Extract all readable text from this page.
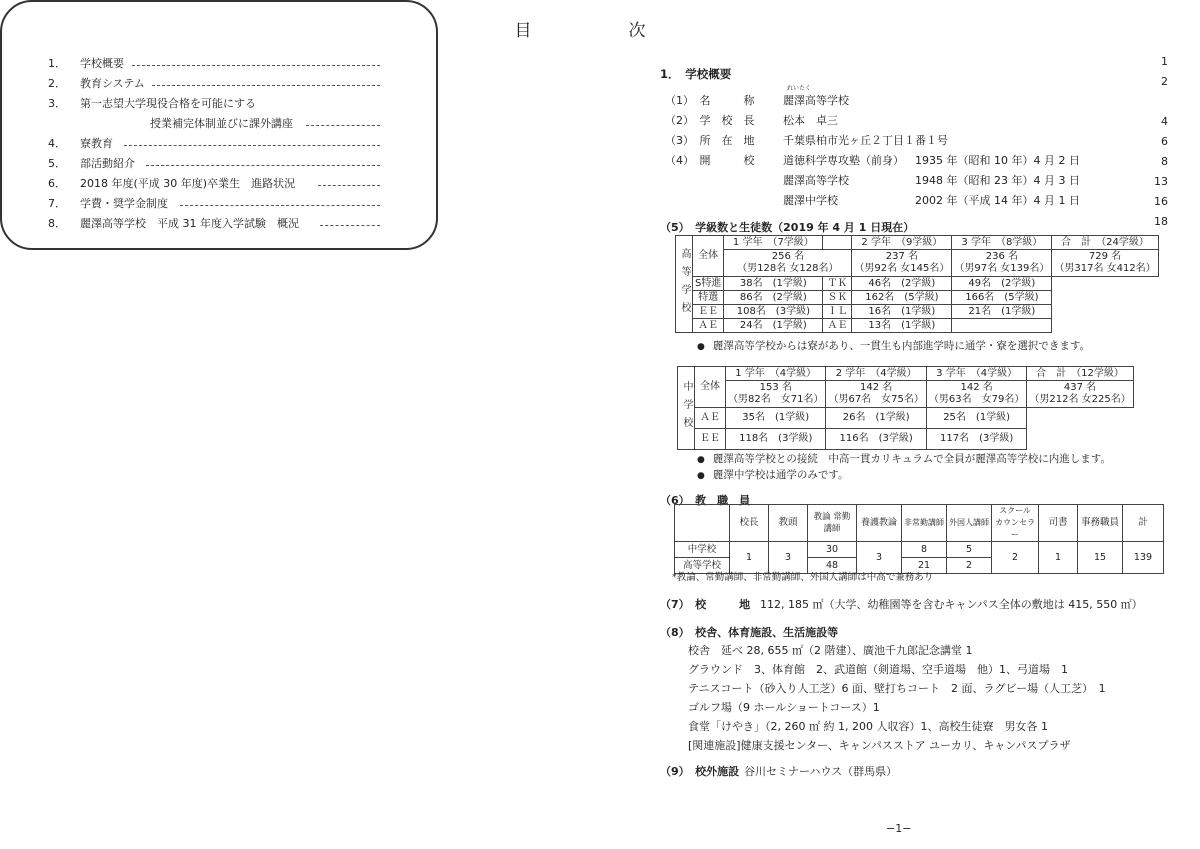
目　次
1． 学校概要	1
2． 教育システム	2
3． 第一志望大学現役合格を可能にする
授業補完体制並びに課外講座	4
4． 寮教育	6
5． 部活動紹介	8
6． 2018 年度(平成 30 年度)卒業生　進路状況	13
7． 学費・奨学金制度	16
8． 麗澤高等学校　平成 31 年度入学試験　概況	18
1．　学校概要
（1）　名　　　称
れいたく
麗澤高等学校
（2）　学　校　長	松本　卓三
（3）　所　在　地	千葉県柏市光ヶ丘２丁目１番１号
（4）　開　　　校	道徳科学専攻塾（前身） 1935 年（昭和 10 年）4 月 2 日
麗澤高等学校	1948 年（昭和 23 年）4 月 3 日
麗澤中学校	2002 年（平成 14 年）4 月 1 日
（5）　学級数と生徒数（2019 年 4 月 1 日現在）
高等学校	全体	1 学年　（7学級）		2 学年　（9学級）	3 学年　（8学級）	合　計　（24学級）
		256 名
（男128名 女128名）		237 名
（男92名 女145名）	236 名
（男97名 女139名）	729 名
（男317名 女412名）
	S特進	38名　(1学級)	ＴＫ	46名　(2学級)	49名　(2学級)	
	特選	86名　(2学級)	ＳＫ	162名　(5学級)	166名　(5学級)	
	ＥＥ	108名　(3学級)	ＩＬ	16名　(1学級)	21名　(1学級)	
	ＡＥ	24名　(1学級)	ＡＥ	13名　(1学級)		
● 麗澤高等学校からは寮があり、一貫生も内部進学時に通学・寮を選択できます。
中学校	全体	1 学年　（4学級）	2 学年　（4学級）	3 学年　（4学級）	合　計　（12学級）
		153 名
（男82名　女71名）	142 名
（男67名　女75名）	142 名
（男63名　女79名）	437 名
（男212名 女225名）
	ＡＥ	35名　(1学級)	26名　(1学級)	25名　(1学級)	
	ＥＥ	118名　(3学級)	116名　(3学級)	117名　(3学級)	
● 麗澤高等学校との接続　中高一貫カリキュラムで全員が麗澤高等学校に内進します。
● 麗澤中学校は通学のみです。
（6）　教　職　員
	校長	教頭	教論 常勤講師	養護教論	非常勤講師	外国人講師	スクール カウンセラー	司書	事務職員	計
中学校	1	3	30	3	8	5	2	1	15	139
高等学校			48		21	2				
*教論、常勤講師、非常勤講師、外国人講師は中高で兼務あり
（7）　校　　　地 112, 185 ㎡（大学、幼稚園等を含むキャンパス全体の敷地は 415, 550 ㎡）
（8）　校舎、体育施設、生活施設等
校舎　延べ 28, 655 ㎡（2 階建）、廣池千九郎記念講堂 1
グラウンド　3、体育館　2、武道館（剣道場、空手道場　他）1、弓道場　1
テニスコート（砂入り人工芝）6 面、壁打ちコート　2 面、ラグビー場（人工芝）　1
ゴルフ場（9 ホールショートコース）1
食堂「けやき」（2, 260 ㎡ 約 1, 200 人収容）1、高校生徒寮　男女各 1
[関連施設]健康支援センター、キャンパスストア ユーカリ、キャンパスプラザ
（9）　校外施設 谷川セミナーハウス（群馬県）
−1−
